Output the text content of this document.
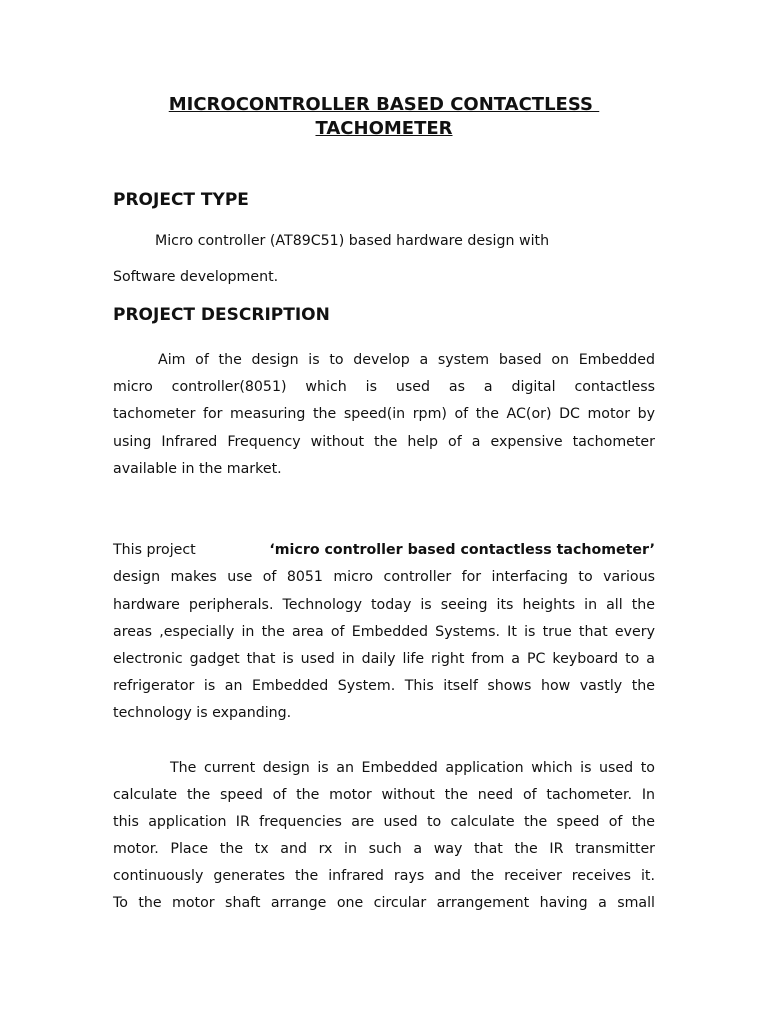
MICROCONTROLLER BASED CONTACTLESS
TACHOMETER
PROJECT TYPE
Micro controller (AT89C51) based hardware design with
Software development.
PROJECT DESCRIPTION
Aim of the design is to develop a system based on Embedded
micro controller(8051) which is used as a digital contactless
tachometer for measuring the speed(in rpm) of the AC(or) DC motor by
using Infrared Frequency without the help of a expensive tachometer
available in the market.
This project	‘micro controller based contactless tachometer’
design makes use of 8051 micro controller for interfacing to various
hardware peripherals. Technology today is seeing its heights in all the
areas ,especially in the area of Embedded Systems. It is true that every
electronic gadget that is used in daily life right from a PC keyboard to a
refrigerator is an Embedded System. This itself shows how vastly the
technology is expanding.
The current design is an Embedded application which is used to
calculate the speed of the motor without the need of tachometer. In
this application IR frequencies are used to calculate the speed of the
motor. Place the tx and rx in such a way that the IR transmitter
continuously generates the infrared rays and the receiver receives it.
To the motor shaft arrange one circular arrangement having a small
